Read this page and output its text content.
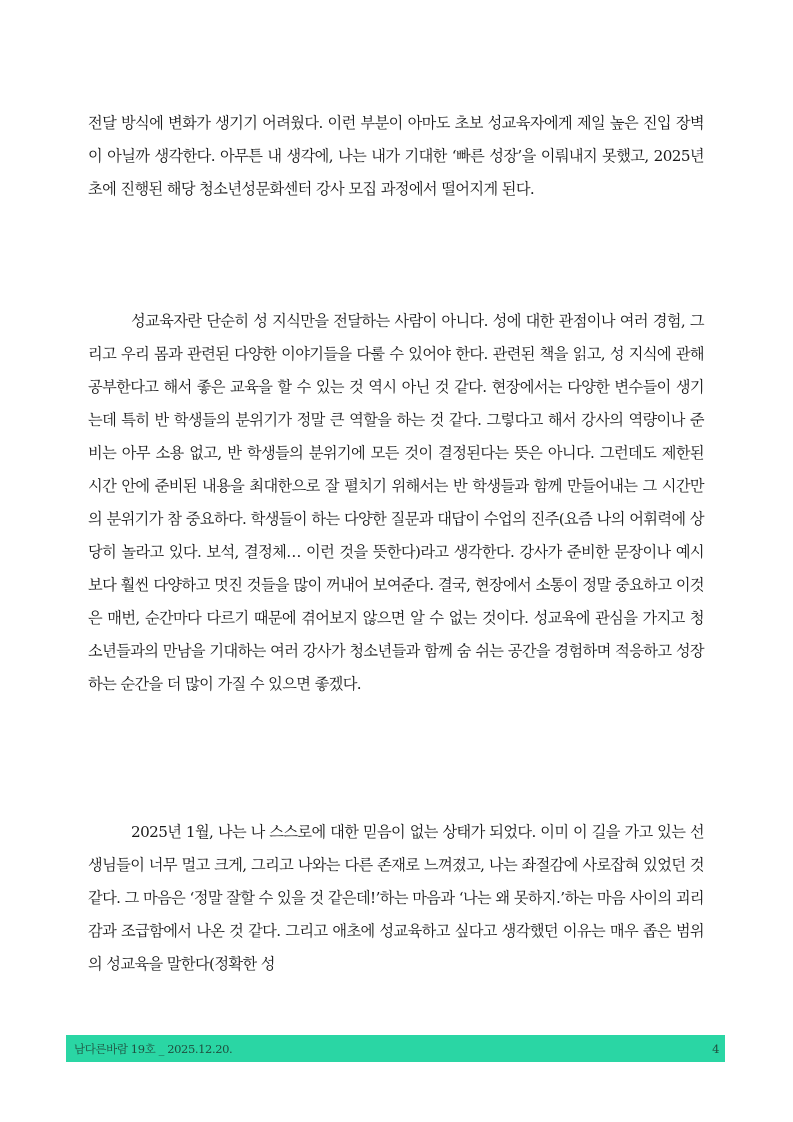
전달 방식에 변화가 생기기 어려웠다. 이런 부분이 아마도 초보 성교육자에게 제일 높은 진입 장벽이 아닐까 생각한다. 아무튼 내 생각에, 나는 내가 기대한 ‘빠른 성장’을 이뤄내지 못했고, 2025년 초에 진행된 해당 청소년성문화센터 강사 모집 과정에서 떨어지게 된다.

성교육자란 단순히 성 지식만을 전달하는 사람이 아니다. 성에 대한 관점이나 여러 경험, 그리고 우리 몸과 관련된 다양한 이야기들을 다룰 수 있어야 한다. 관련된 책을 읽고, 성 지식에 관해 공부한다고 해서 좋은 교육을 할 수 있는 것 역시 아닌 것 같다. 현장에서는 다양한 변수들이 생기는데 특히 반 학생들의 분위기가 정말 큰 역할을 하는 것 같다. 그렇다고 해서 강사의 역량이나 준비는 아무 소용 없고, 반 학생들의 분위기에 모든 것이 결정된다는 뜻은 아니다. 그런데도 제한된 시간 안에 준비된 내용을 최대한으로 잘 펼치기 위해서는 반 학생들과 함께 만들어내는 그 시간만의 분위기가 참 중요하다. 학생들이 하는 다양한 질문과 대답이 수업의 진주(요즘 나의 어휘력에 상당히 놀라고 있다. 보석, 결정체… 이런 것을 뜻한다)라고 생각한다. 강사가 준비한 문장이나 예시보다 훨씬 다양하고 멋진 것들을 많이 꺼내어 보여준다. 결국, 현장에서 소통이 정말 중요하고 이것은 매번, 순간마다 다르기 때문에 겪어보지 않으면 알 수 없는 것이다. 성교육에 관심을 가지고 청소년들과의 만남을 기대하는 여러 강사가 청소년들과 함께 숨 쉬는 공간을 경험하며 적응하고 성장하는 순간을 더 많이 가질 수 있으면 좋겠다.

2025년 1월, 나는 나 스스로에 대한 믿음이 없는 상태가 되었다. 이미 이 길을 가고 있는 선생님들이 너무 멀고 크게, 그리고 나와는 다른 존재로 느껴졌고, 나는 좌절감에 사로잡혀 있었던 것 같다. 그 마음은 ‘정말 잘할 수 있을 것 같은데!’하는 마음과 ‘나는 왜 못하지.’하는 마음 사이의 괴리감과 조급함에서 나온 것 같다. 그리고 애초에 성교육하고 싶다고 생각했던 이유는 매우 좁은 범위의 성교육을 말한다(정확한 성

남다른바람 19호 _ 2025.12.20.	4
